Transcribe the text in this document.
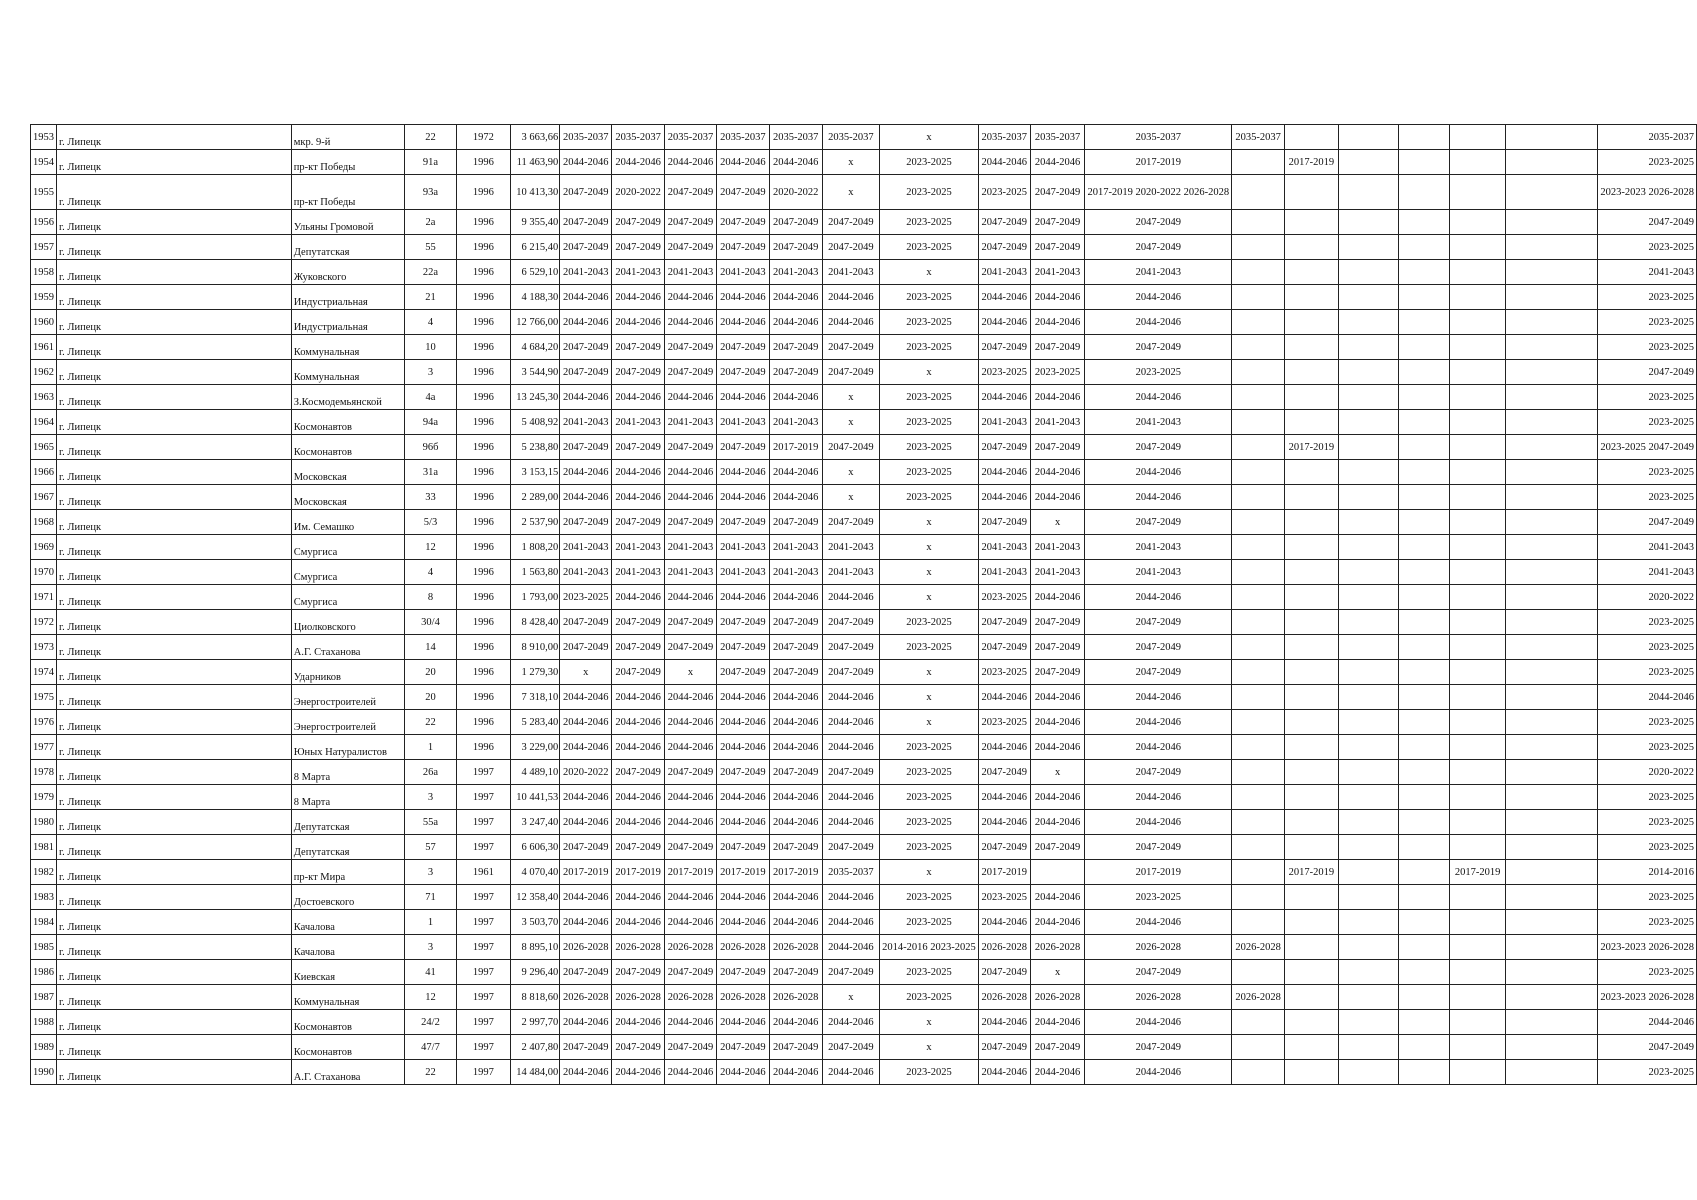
1953	г. Липецк	мкр. 9-й	22	1972	3 663,66	2035-2037	2035-2037	2035-2037	2035-2037	2035-2037	2035-2037	х	2035-2037	2035-2037	2035-2037	2035-2037						2035-2037
1954	г. Липецк	пр-кт Победы	91а	1996	11 463,90	2044-2046	2044-2046	2044-2046	2044-2046	2044-2046	х	2023-2025	2044-2046	2044-2046	2017-2019		2017-2019					2023-2025
1955	г. Липецк	пр-кт Победы	93а	1996	10 413,30	2047-2049	2020-2022	2047-2049	2047-2049	2020-2022	х	2023-2025	2023-2025	2047-2049	2017-2019 2020-2022 2026-2028							2023-2023 2026-2028
1956	г. Липецк	Ульяны Громовой	2а	1996	9 355,40	2047-2049	2047-2049	2047-2049	2047-2049	2047-2049	2047-2049	2023-2025	2047-2049	2047-2049	2047-2049							2047-2049
1957	г. Липецк	Депутатская	55	1996	6 215,40	2047-2049	2047-2049	2047-2049	2047-2049	2047-2049	2047-2049	2023-2025	2047-2049	2047-2049	2047-2049							2023-2025
1958	г. Липецк	Жуковского	22а	1996	6 529,10	2041-2043	2041-2043	2041-2043	2041-2043	2041-2043	2041-2043	х	2041-2043	2041-2043	2041-2043							2041-2043
1959	г. Липецк	Индустриальная	21	1996	4 188,30	2044-2046	2044-2046	2044-2046	2044-2046	2044-2046	2044-2046	2023-2025	2044-2046	2044-2046	2044-2046							2023-2025
1960	г. Липецк	Индустриальная	4	1996	12 766,00	2044-2046	2044-2046	2044-2046	2044-2046	2044-2046	2044-2046	2023-2025	2044-2046	2044-2046	2044-2046							2023-2025
1961	г. Липецк	Коммунальная	10	1996	4 684,20	2047-2049	2047-2049	2047-2049	2047-2049	2047-2049	2047-2049	2023-2025	2047-2049	2047-2049	2047-2049							2023-2025
1962	г. Липецк	Коммунальная	3	1996	3 544,90	2047-2049	2047-2049	2047-2049	2047-2049	2047-2049	2047-2049	х	2023-2025	2023-2025	2023-2025							2047-2049
1963	г. Липецк	З.Космодемьянской	4а	1996	13 245,30	2044-2046	2044-2046	2044-2046	2044-2046	2044-2046	х	2023-2025	2044-2046	2044-2046	2044-2046							2023-2025
1964	г. Липецк	Космонавтов	94а	1996	5 408,92	2041-2043	2041-2043	2041-2043	2041-2043	2041-2043	х	2023-2025	2041-2043	2041-2043	2041-2043							2023-2025
1965	г. Липецк	Космонавтов	96б	1996	5 238,80	2047-2049	2047-2049	2047-2049	2047-2049	2017-2019	2047-2049	2023-2025	2047-2049	2047-2049	2047-2049		2017-2019					2023-2025 2047-2049
1966	г. Липецк	Московская	31а	1996	3 153,15	2044-2046	2044-2046	2044-2046	2044-2046	2044-2046	х	2023-2025	2044-2046	2044-2046	2044-2046							2023-2025
1967	г. Липецк	Московская	33	1996	2 289,00	2044-2046	2044-2046	2044-2046	2044-2046	2044-2046	х	2023-2025	2044-2046	2044-2046	2044-2046							2023-2025
1968	г. Липецк	Им. Семашко	5/3	1996	2 537,90	2047-2049	2047-2049	2047-2049	2047-2049	2047-2049	2047-2049	х	2047-2049	х	2047-2049							2047-2049
1969	г. Липецк	Смургиса	12	1996	1 808,20	2041-2043	2041-2043	2041-2043	2041-2043	2041-2043	2041-2043	х	2041-2043	2041-2043	2041-2043							2041-2043
1970	г. Липецк	Смургиса	4	1996	1 563,80	2041-2043	2041-2043	2041-2043	2041-2043	2041-2043	2041-2043	х	2041-2043	2041-2043	2041-2043							2041-2043
1971	г. Липецк	Смургиса	8	1996	1 793,00	2023-2025	2044-2046	2044-2046	2044-2046	2044-2046	2044-2046	х	2023-2025	2044-2046	2044-2046							2020-2022
1972	г. Липецк	Циолковского	30/4	1996	8 428,40	2047-2049	2047-2049	2047-2049	2047-2049	2047-2049	2047-2049	2023-2025	2047-2049	2047-2049	2047-2049							2023-2025
1973	г. Липецк	А.Г. Стаханова	14	1996	8 910,00	2047-2049	2047-2049	2047-2049	2047-2049	2047-2049	2047-2049	2023-2025	2047-2049	2047-2049	2047-2049							2023-2025
1974	г. Липецк	Ударников	20	1996	1 279,30	х	2047-2049	х	2047-2049	2047-2049	2047-2049	х	2023-2025	2047-2049	2047-2049							2023-2025
1975	г. Липецк	Энергостроителей	20	1996	7 318,10	2044-2046	2044-2046	2044-2046	2044-2046	2044-2046	2044-2046	х	2044-2046	2044-2046	2044-2046							2044-2046
1976	г. Липецк	Энергостроителей	22	1996	5 283,40	2044-2046	2044-2046	2044-2046	2044-2046	2044-2046	2044-2046	х	2023-2025	2044-2046	2044-2046							2023-2025
1977	г. Липецк	Юных Натуралистов	1	1996	3 229,00	2044-2046	2044-2046	2044-2046	2044-2046	2044-2046	2044-2046	2023-2025	2044-2046	2044-2046	2044-2046							2023-2025
1978	г. Липецк	8 Марта	26а	1997	4 489,10	2020-2022	2047-2049	2047-2049	2047-2049	2047-2049	2047-2049	2023-2025	2047-2049	х	2047-2049							2020-2022
1979	г. Липецк	8 Марта	3	1997	10 441,53	2044-2046	2044-2046	2044-2046	2044-2046	2044-2046	2044-2046	2023-2025	2044-2046	2044-2046	2044-2046							2023-2025
1980	г. Липецк	Депутатская	55а	1997	3 247,40	2044-2046	2044-2046	2044-2046	2044-2046	2044-2046	2044-2046	2023-2025	2044-2046	2044-2046	2044-2046							2023-2025
1981	г. Липецк	Депутатская	57	1997	6 606,30	2047-2049	2047-2049	2047-2049	2047-2049	2047-2049	2047-2049	2023-2025	2047-2049	2047-2049	2047-2049							2023-2025
1982	г. Липецк	пр-кт Мира	3	1961	4 070,40	2017-2019	2017-2019	2017-2019	2017-2019	2017-2019	2035-2037	х	2017-2019		2017-2019		2017-2019			2017-2019		2014-2016
1983	г. Липецк	Достоевского	71	1997	12 358,40	2044-2046	2044-2046	2044-2046	2044-2046	2044-2046	2044-2046	2023-2025	2023-2025	2044-2046	2023-2025							2023-2025
1984	г. Липецк	Качалова	1	1997	3 503,70	2044-2046	2044-2046	2044-2046	2044-2046	2044-2046	2044-2046	2023-2025	2044-2046	2044-2046	2044-2046							2023-2025
1985	г. Липецк	Качалова	3	1997	8 895,10	2026-2028	2026-2028	2026-2028	2026-2028	2026-2028	2044-2046	2014-2016 2023-2025	2026-2028	2026-2028	2026-2028	2026-2028						2023-2023 2026-2028
1986	г. Липецк	Киевская	41	1997	9 296,40	2047-2049	2047-2049	2047-2049	2047-2049	2047-2049	2047-2049	2023-2025	2047-2049	х	2047-2049							2023-2025
1987	г. Липецк	Коммунальная	12	1997	8 818,60	2026-2028	2026-2028	2026-2028	2026-2028	2026-2028	х	2023-2025	2026-2028	2026-2028	2026-2028	2026-2028						2023-2023 2026-2028
1988	г. Липецк	Космонавтов	24/2	1997	2 997,70	2044-2046	2044-2046	2044-2046	2044-2046	2044-2046	2044-2046	х	2044-2046	2044-2046	2044-2046							2044-2046
1989	г. Липецк	Космонавтов	47/7	1997	2 407,80	2047-2049	2047-2049	2047-2049	2047-2049	2047-2049	2047-2049	х	2047-2049	2047-2049	2047-2049							2047-2049
1990	г. Липецк	А.Г. Стаханова	22	1997	14 484,00	2044-2046	2044-2046	2044-2046	2044-2046	2044-2046	2044-2046	2023-2025	2044-2046	2044-2046	2044-2046							2023-2025
